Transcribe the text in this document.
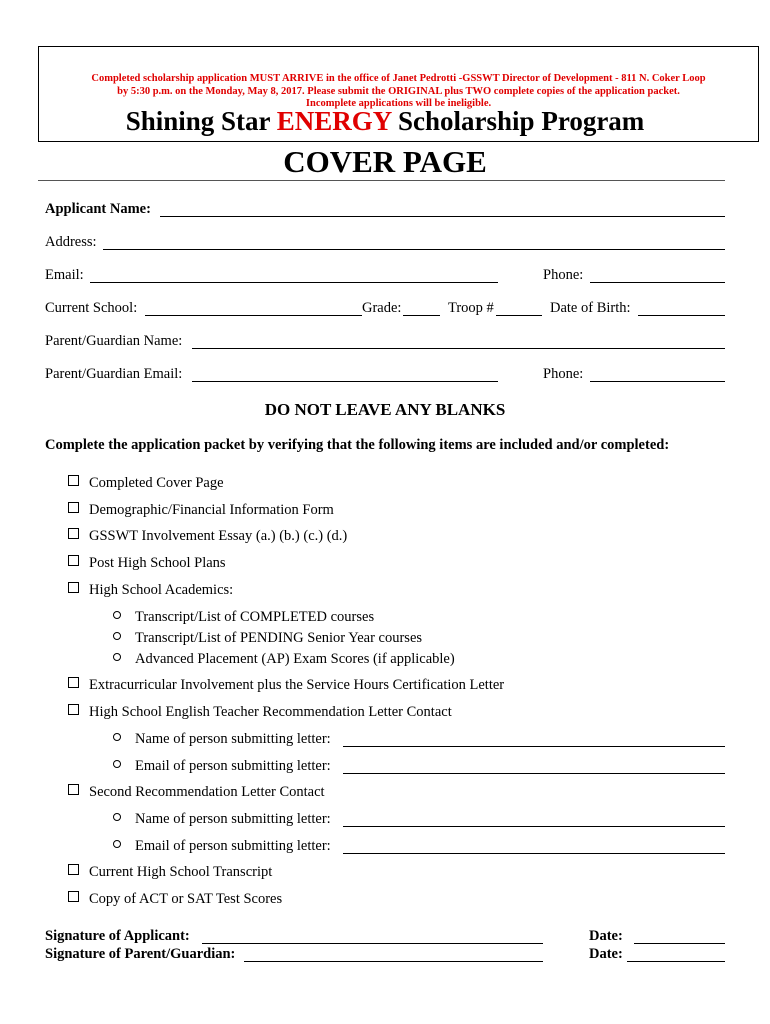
Completed scholarship application MUST ARRIVE in the office of Janet Pedrotti -GSSWT Director of Development - 811 N. Coker Loop
by 5:30 p.m. on the Monday, May 8, 2017. Please submit the ORIGINAL plus TWO complete copies of the application packet.
Incomplete applications will be ineligible.
Shining Star ENERGY Scholarship Program
COVER PAGE
Applicant Name:
Address:
Email:	Phone:
Current School:	Grade:	Troop #	Date of Birth:
Parent/Guardian Name:
Parent/Guardian Email:	Phone:
DO NOT LEAVE ANY BLANKS
Complete the application packet by verifying that the following items are included and/or completed:
Completed Cover Page
Demographic/Financial Information Form
GSSWT Involvement Essay (a.) (b.) (c.) (d.)
Post High School Plans
High School Academics:
Transcript/List of COMPLETED courses
Transcript/List of PENDING Senior Year courses
Advanced Placement (AP) Exam Scores (if applicable)
Extracurricular Involvement plus the Service Hours Certification Letter
High School English Teacher Recommendation Letter Contact
Name of person submitting letter:
Email of person submitting letter:
Second Recommendation Letter Contact
Name of person submitting letter:
Email of person submitting letter:
Current High School Transcript
Copy of ACT or SAT Test Scores
Signature of Applicant:	Date:
Signature of Parent/Guardian:	Date:
